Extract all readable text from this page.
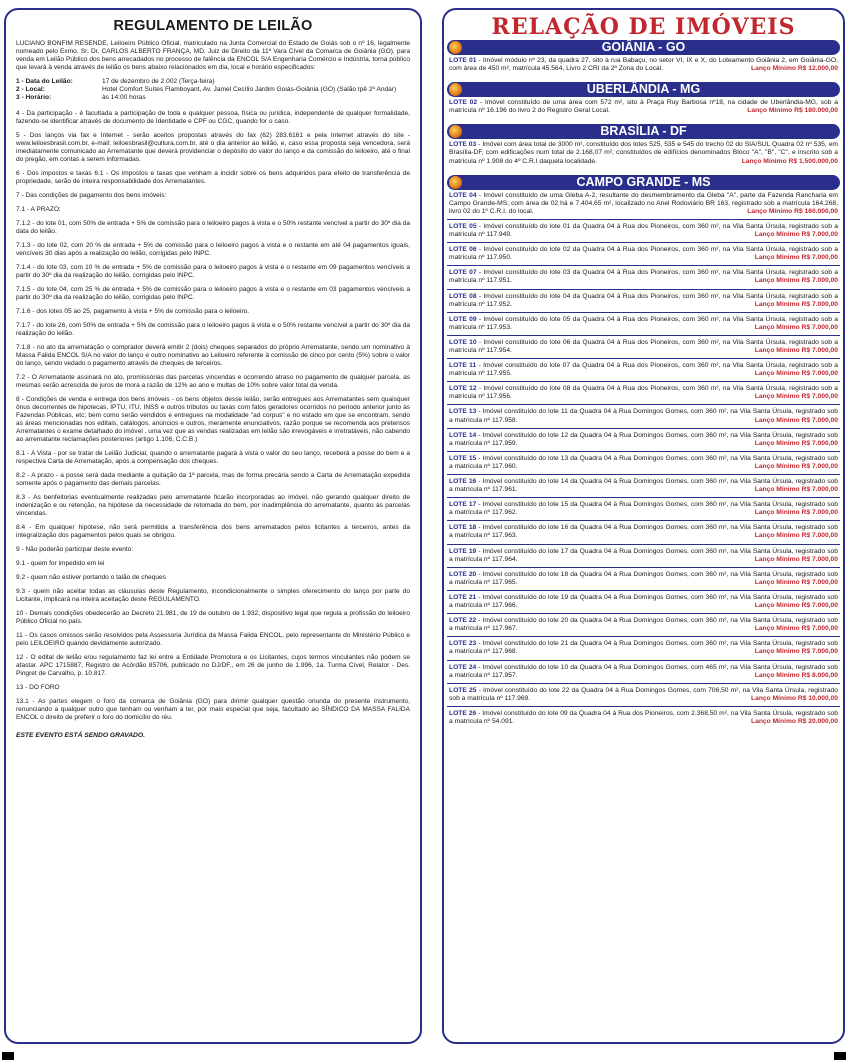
REGULAMENTO DE LEILÃO

LUCIANO BONFIM RESENDE, Leiloeiro Público Oficial, matriculado na Junta Comercial do Estado de Goiás sob o nº 16, legalmente nomeado pelo Exmo. Sr. Dr. CARLOS ALBERTO FRANÇA, MD. Juiz de Direito da 11ª Vara Cível da Comarca de Goiânia (GO), para venda em Leilão Público dos bens arrecadados no processo de falência da ENCOL S/A Engenharia Comércio e Indústria, torna público que levará à venda através de leilão os bens abaixo relacionados em dia, local e horário especificados:

1 - Data do Leilão:	17 de dezembro de 2.002 (Terça-feira)
2 - Local:	Hotel Comfort Suítes Flamboyant, Av. Jamel Cecílio Jardim Goiás-Goiânia (GO) (Salão Ipê 2º Andar)
3 - Horário:	às 14:00 horas

4 - Da participação - é facultada a participação de toda e qualquer pessoa, física ou jurídica, independente de qualquer formalidade, fazendo-se identificar através de documento de Identidade e CPF ou CGC, quando for o caso.

5 - Dos lanços via fax e Internet - serão aceitos propostas através do fax (62) 283.6161 e pela Internet através do site - www.leiloesbrasil.com.br, e-mail: leiloesbrasil@cultura.com.br, até o dia anterior ao leilão, e, caso essa proposta seja vencedora, será imediatamente comunicado ao Arrematante que deverá providenciar o depósito do valor do lanço e da comissão do leiloeiro, até o final do pregão, em contas a serem informadas.

6 - Dos impostos e taxas 6.1 - Os impostos e taxas que venham a incidir sobre os bens adquiridos para efeito de transferência de propriedade, serão de inteira responsabilidade dos Arrematantes.

7 - Das condições de pagamento dos bens imóveis:

7.1 - A PRAZO:

7.1.2 - do lote 01, com 50% de entrada + 5% de comissão para o leiloeiro pagos à vista e o 50% restante vencível a partir do 30º dia da data do leilão.

7.1.3 - do lote 02, com 20 % de entrada + 5% de comissão para o leiloeiro pagos à vista e o restante em até 04 pagamentos iguais, vencíveis 30 dias após a realização do leilão, corrigidas pelo INPC.

7.1.4 - do lote 03, com 10 % de entrada + 5% de comissão para o leiloeiro pagos à vista e o restante em 09 pagamentos vencíveis a partir do 30º dia da realização do leilão, corrigidas pelo INPC.

7.1.5 - do lote 04, com 25 % de entrada + 5% de comissão para o leiloeiro pagos à vista e o restante em 03 pagamentos vencíveis a partir do 30º dia da realização do leilão, corrigidas pelo INPC.

7.1.6 - dos lotes 05 ao 25, pagamento à vista + 5% de comissão para o leiloeiro.

7.1.7 - do lote 26, com 50% de entrada + 5% de comissão para o leiloeiro pagos à vista e o 50% restante vencível a partir do 30º dia da realização do leilão.

7.1.8 - no ato da arrematação o comprador deverá emitir 2 (dois) cheques separados do próprio Arrematante, sendo um nominativo à Massa Falida ENCOL S/A no valor do lanço e outro nominativo ao Leiloeiro referente à comissão de cinco por cento (5%) sobre o valor do lanço, sendo vedado o pagamento através de cheques de terceiros.

7.2 - O Arrematante assinará no ato, promissórias das parcelas vincendas e ocorrendo atraso no pagamento de qualquer parcela, as mesmas serão acrescida de juros de mora a razão de 12% ao ano e multas de 10% sobre valor total da venda.

8 - Condições de venda e entrega dos bens imóveis - os bens objetos desse leilão, serão entregues aos Arrematantes sem quaisquer ônus decorrentes de hipotecas, IPTU, ITU, INSS e outros tributos ou taxas com fatos geradores ocorridos no período anterior junto às Fazendas Públicas, etc; bem como serão vendidos e entregues na modalidade "ad corpus" e no estado em que se encontram, sendo as áreas mencionadas nos editais, catálogos, anúncios e outros, meramente enunciativos, razão porque se recomenda aos pretensos Arrematantes o exame detalhado do imóvel , uma vez que as vendas realizadas em leilão são irrevogáveis e irretratáveis, não cabendo ao arrematante reclamações posteriores (artigo 1.106, C.C.B.)

8.1 - A Vista - por se tratar de Leilão Judicial, quando o arrematante pagará à vista o valor do seu lanço, receberá a posse do bem e a respectiva Carta de Arrematação, após a compensação dos cheques.

8.2 - A prazo - a posse será dada mediante a quitação da 1ª parcela, mas de forma precária sendo a Carta de Arrematação expedida somente após o pagamento das demais parcelas.

8.3 - As benfeitorias eventualmente realizadas pelo arrematante ficarão incorporadas ao imóvel, não gerando qualquer direito de indenização e ou retenção, na hipótese da necessidade de retomada do bem, por inadimplência do arrematante, quanto às parcelas vincendas.

8.4 - Em qualquer hipótese, não será permitida a transferência dos bens arrematados pelos licitantes a terceiros, antes da integralização dos pagamentos pelos quais se obrigou.

9 - Não poderão participar deste evento:

9.1 - quem for impedido em lei

9.2 - quem não estiver portando o talão de cheques

9.3 - quem não aceitar todas as cláusulas deste Regulamento, incondicionalmente o simples oferecimento do lanço por parte do Licitante, implicará na inteira aceitação deste REGULAMENTO.

10 - Demais condições obedecerão ao Decreto 21.981, de 19 de outubro de 1.932, dispositivo legal que regula a profissão do leiloeiro Público Oficial no país.

11 - Os casos omissos serão resolvidos pela Assessoria Jurídica da Massa Falida ENCOL, pelo representante do Ministério Público e pelo LEILOEIRO quando devidamente autorizado.

12 - O edital de leilão e/ou regulamento faz lei entre a Entidade Promotora e os Licitantes, cujos termos vinculantes não podem se afastar. APC 1715887, Registro de Acórdão 85706, publicado no DJ/DF., em 26 de junho de 1.996, 1a. Turma Cível, Relator - Des. Pingret de Carvalho, p. 10.817.

13 - DO FORO

13.1 - As partes elegem o foro da comarca de Goiânia (GO) para dirimir qualquer questão oriunda do presente instrumento, renunciando a qualquer outro que tenham ou venham a ter, por mais especial que seja, facultado ao SÍNDICO DA MASSA FALIDA ENCOL o direito de preferir o foro do domicílio do réu.

ESTE EVENTO ESTÁ SENDO GRAVADO.
RELAÇÃO DE IMÓVEIS
GOIÂNIA - GO
LOTE 01 - Imóvel módulo nº 23, da quadra 27, sito à rua Babaçu, no setor VI, IX e X, do Loteamento Goiânia 2, em Goiânia-GO, com área de 450 m², matrícula 45.564, Livro 2 CRI da 2ª Zona do Local.	Lanço Mínimo R$ 12.000,00
UBERLÂNDIA - MG
LOTE 02 - Imóvel constituído de uma área com 572 m², sito à Praça Ruy Barbosa nº18, na cidade de Uberlândia-MG, sob a matrícula nº 16.196 do livro 2 do Registro Geral Local.	Lanço Mínimo R$ 180.000,00
BRASÍLIA - DF
LOTE 03 - Imóvel com área total de 3000 m², constituído dos lotes 525, 535 e 545 do trecho 02 do SIA/SUL Quadra 02 nº 535, em Brasília-DF, com edificações num total de 2.168,07 m², constituídos de edifícios denominados Bloco "A", "B", "C", e inscrito sob a matrícula nº 1.908 do 4º C.R.I daquela localidade.	Lanço Mínimo R$ 1.500.000,00
CAMPO GRANDE - MS
LOTE 04 - Imóvel constituído de uma Gleba A-2, resultante do desmembramento da Gleba "A", parte da Fazenda Rancharia em Campo Grande-MS, com área de 02 há e 7.404,65 m², localizado no Anel Rodoviário BR 163, registrado sob a matrícula 164.268, livro 02 do 1º C.R.I. do local.	Lanço Mínimo R$ 160.000,00
LOTE 05 - Imóvel constituído do lote 01 da Quadra 04 à Rua dos Pioneiros, com 360 m², na Vila Santa Úrsula, registrado sob a matrícula nº 117.949.	Lanço Mínimo R$ 7.000,00
LOTE 06 - Imóvel constituído do lote 02 da Quadra 04 à Rua dos Pioneiros, com 360 m², na Vila Santa Úrsula, registrado sob a matrícula nº 117.950.	Lanço Mínimo R$ 7.000,00
LOTE 07 - Imóvel constituído do lote 03 da Quadra 04 à Rua dos Pioneiros, com 360 m², na Vila Santa Úrsula, registrado sob a matrícula nº 117.951.	Lanço Mínimo R$ 7.000,00
LOTE 08 - Imóvel constituído do lote 04 da Quadra 04 à Rua dos Pioneiros, com 360 m², na Vila Santa Úrsula, registrado sob a matrícula nº 117.952.	Lanço Mínimo R$ 7.000,00
LOTE 09 - Imóvel constituído do lote 05 da Quadra 04 à Rua dos Pioneiros, com 360 m², na Vila Santa Úrsula, registrado sob a matrícula nº 117.953.	Lanço Mínimo R$ 7.000,00
LOTE 10 - Imóvel constituído do lote 06 da Quadra 04 à Rua dos Pioneiros, com 360 m², na Vila Santa Úrsula, registrado sob a matrícula nº 117.954.	Lanço Mínimo R$ 7.000,00
LOTE 11 - Imóvel constituído do lote 07 da Quadra 04 à Rua dos Pioneiros, com 360 m², na Vila Santa Úrsula, registrado sob a matrícula nº 117.955.	Lanço Mínimo R$ 7.000,00
LOTE 12 - Imóvel constituído do lote 08 da Quadra 04 à Rua dos Pioneiros, com 360 m², na Vila Santa Úrsula, registrado sob a matrícula nº 117.956.	Lanço Mínimo R$ 7.000,00
LOTE 13 - Imóvel constituído do lote 11 da Quadra 04 à Rua Domingos Gomes, com 360 m², na Vila Santa Úrsula, registrado sob a matrícula nº 117.958.	Lanço Mínimo R$ 7.000,00
LOTE 14 - Imóvel constituído do lote 12 da Quadra 04 à Rua Domingos Gomes, com 360 m², na Vila Santa Úrsula, registrado sob a matrícula nº 117.959.	Lanço Mínimo R$ 7.000,00
LOTE 15 - Imóvel constituído do lote 13 da Quadra 04 à Rua Domingos Gomes, com 360 m², na Vila Santa Úrsula, registrado sob a matrícula nº 117.960.	Lanço Mínimo R$ 7.000,00
LOTE 16 - Imóvel constituído do lote 14 da Quadra 04 à Rua Domingos Gomes, com 360 m², na Vila Santa Úrsula, registrado sob a matrícula nº 117.961.	Lanço Mínimo R$ 7.000,00
LOTE 17 - Imóvel constituído do lote 15 da Quadra 04 à Rua Domingos Gomes, com 360 m², na Vila Santa Úrsula, registrado sob a matrícula nº 117.962.	Lanço Mínimo R$ 7.000,00
LOTE 18 - Imóvel constituído do lote 16 da Quadra 04 à Rua Domingos Gomes, com 360 m², na Vila Santa Úrsula, registrado sob a matrícula nº 117.963.	Lanço Mínimo R$ 7.000,00
LOTE 19 - Imóvel constituído do lote 17 da Quadra 04 à Rua Domingos Gomes, com 360 m², na Vila Santa Úrsula, registrado sob a matrícula nº 117.964.	Lanço Mínimo R$ 7.000,00
LOTE 20 - Imóvel constituído do lote 18 da Quadra 04 à Rua Domingos Gomes, com 360 m², na Vila Santa Úrsula, registrado sob a matrícula nº 117.965.	Lanço Mínimo R$ 7.000,00
LOTE 21 - Imóvel constituído do lote 19 da Quadra 04 à Rua Domingos Gomes, com 360 m², na Vila Santa Úrsula, registrado sob a matrícula nº 117.966.	Lanço Mínimo R$ 7.000,00
LOTE 22 - Imóvel constituído do lote 20 da Quadra 04 à Rua Domingos Gomes, com 360 m², na Vila Santa Úrsula, registrado sob a matrícula nº 117.967.	Lanço Mínimo R$ 7.000,00
LOTE 23 - Imóvel constituído do lote 21 da Quadra 04 à Rua Domingos Gomes, com 360 m², na Vila Santa Úrsula, registrado sob a matrícula nº 117.968.	Lanço Mínimo R$ 7.000,00
LOTE 24 - Imóvel constituído do lote 10 da Quadra 04 à Rua Domingos Gomes, com 465 m², na Vila Santa Úrsula, registrado sob a matrícula nº 117.957.	Lanço Mínimo R$ 8.000,00
LOTE 25 - Imóvel constituído do lote 22 da Quadra 04 à Rua Domingos Gomes, com 706,50 m², na Vila Santa Úrsula, registrado sob a matrícula nº 117.969.	Lanço Mínimo R$ 10.000,00
LOTE 26 - Imóvel constituído do lote 09 da Quadra 04 à Rua dos Pioneiros, com 2.368,50 m², na Vila Santa Úrsula, registrado sob a matrícula nº 54.091.	Lanço Mínimo R$ 20.000,00
